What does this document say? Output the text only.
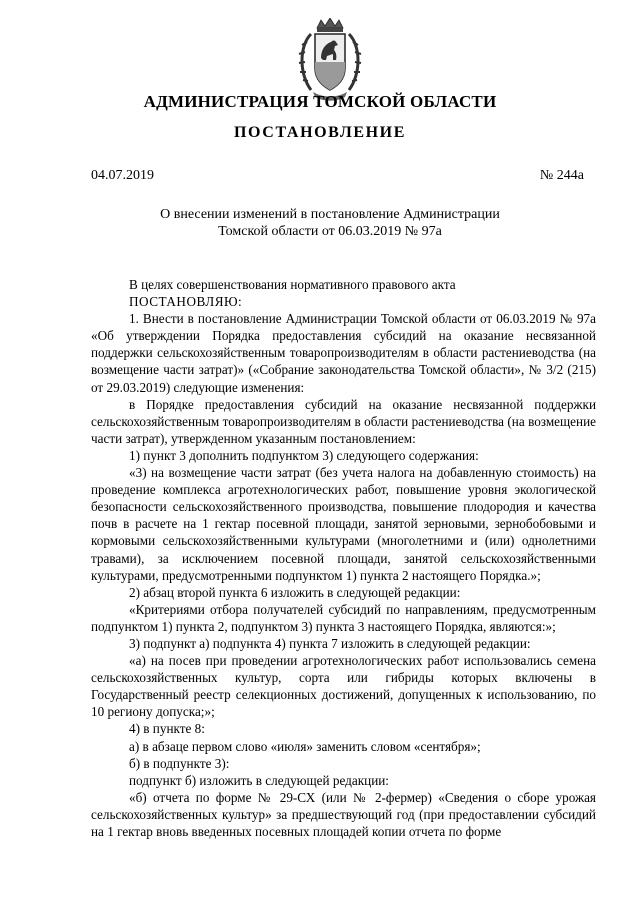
АДМИНИСТРАЦИЯ ТОМСКОЙ ОБЛАСТИ
ПОСТАНОВЛЕНИЕ
04.07.2019	№ 244а
О внесении изменений в постановление Администрации
Томской области от 06.03.2019 № 97а

В целях совершенствования нормативного правового акта

ПОСТАНОВЛЯЮ:

1. Внести в постановление Администрации Томской области от 06.03.2019 № 97а «Об утверждении Порядка предоставления субсидий на оказание несвязанной поддержки сельскохозяйственным товаропроизводителям в области растениеводства (на возмещение части затрат)» («Собрание законодательства Томской области», № 3/2 (215) от 29.03.2019) следующие изменения:

в Порядке предоставления субсидий на оказание несвязанной поддержки сельскохозяйственным товаропроизводителям в области растениеводства (на возмещение части затрат), утвержденном указанным постановлением:

1) пункт 3 дополнить подпунктом 3) следующего содержания:

«3) на возмещение части затрат (без учета налога на добавленную стоимость) на проведение комплекса агротехнологических работ, повышение уровня экологической безопасности сельскохозяйственного производства, повышение плодородия и качества почв в расчете на 1 гектар посевной площади, занятой зерновыми, зернобобовыми и кормовыми сельскохозяйственными культурами (многолетними и (или) однолетними травами), за исключением посевной площади, занятой сельскохозяйственными культурами, предусмотренными подпунктом 1) пункта 2 настоящего Порядка.»;

2) абзац второй пункта 6 изложить в следующей редакции:

«Критериями отбора получателей субсидий по направлениям, предусмотренным подпунктом 1) пункта 2, подпунктом 3) пункта 3 настоящего Порядка, являются:»;

3) подпункт а) подпункта 4) пункта 7 изложить в следующей редакции:

«а) на посев при проведении агротехнологических работ использовались семена сельскохозяйственных культур, сорта или гибриды которых включены в Государственный реестр селекционных достижений, допущенных к использованию, по 10 региону допуска;»;

4) в пункте 8:

а) в абзаце первом слово «июля» заменить словом «сентября»;

б) в подпункте 3):

подпункт б) изложить в следующей редакции:

«б) отчета по форме № 29-СХ (или № 2-фермер) «Сведения о сборе урожая сельскохозяйственных культур» за предшествующий год (при предоставлении субсидий на 1 гектар вновь введенных посевных площадей копии отчета по форме
